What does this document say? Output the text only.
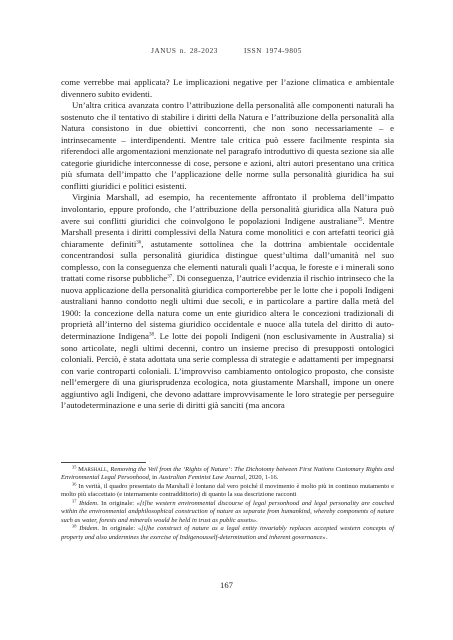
JANUS n. 28-2023	ISSN 1974-9805

come verrebbe mai applicata? Le implicazioni negative per l’azione climatica e ambientale divennero subito evidenti.

Un’altra critica avanzata contro l’attribuzione della personalità alle componenti naturali ha sostenuto che il tentativo di stabilire i diritti della Natura e l’attribuzione della personalità alla Natura consistono in due obiettivi concorrenti, che non sono necessariamente – e intrinsecamente – interdipendenti. Mentre tale critica può essere facilmente respinta sia riferendoci alle argomentazioni menzionate nel paragrafo introduttivo di questa sezione sia alle categorie giuridiche interconnesse di cose, persone e azioni, altri autori presentano una critica più sfumata dell’impatto che l’applicazione delle norme sulla personalità giuridica ha sui conflitti giuridici e politici esistenti.

Virginia Marshall, ad esempio, ha recentemente affrontato il problema dell’impatto involontario, eppure profondo, che l’attribuzione della personalità giuridica alla Natura può avere sui conflitti giuridici che coinvolgono le popolazioni Indigene australiane$^{35}$. Mentre Marshall presenta i diritti complessivi della Natura come monolitici e con artefatti teorici già chiaramente definiti$^{36}$, astutamente sottolinea che la dottrina ambientale occidentale concentrandosi sulla personalità giuridica distingue quest’ultima dall’umanità nel suo complesso, con la conseguenza che elementi naturali quali l’acqua, le foreste e i minerali sono trattati come risorse pubbliche$^{37}$. Di conseguenza, l’autrice evidenzia il rischio intrinseco che la nuova applicazione della personalità giuridica comporterebbe per le lotte che i popoli Indigeni australiani hanno condotto negli ultimi due secoli, e in particolare a partire dalla metà del 1900: la concezione della natura come un ente giuridico altera le concezioni tradizionali di proprietà all’interno del sistema giuridico occidentale e nuoce alla tutela del diritto di auto-determinazione Indigena$^{38}$. Le lotte dei popoli Indigeni (non esclusivamente in Australia) si sono articolate, negli ultimi decenni, contro un insieme preciso di presupposti ontologici coloniali. Perciò, è stata adottata una serie complessa di strategie e adattamenti per impegnarsi con varie controparti coloniali. L’improvviso cambiamento ontologico proposto, che consiste nell’emergere di una giurisprudenza ecologica, nota giustamente Marshall, impone un onere aggiuntivo agli Indigeni, che devono adattare improvvisamente le loro strategie per perseguire l’autodeterminazione e una serie di diritti già sanciti (ma ancora

$^{35}$ Marshall, Removing the Veil from the ‘Rights of Nature’: The Dichotomy between First Nations Customary Rights and Environmental Legal Personhood, in Australian Feminist Law Journal, 2020, 1-16.

$^{36}$ In verità, il quadro presentato da Marshall è lontano dal vero poiché il movimento è molto più in continuo mutamento e molto più sfaccettato (e internamente contraddittorio) di quanto la sua descrizione racconti

$^{37}$ Ibidem. In originale: «[t]he western environmental discourse of legal personhood and legal personality are couched within the environmental andphilosophical construction of nature as separate from humankind, whereby components of nature such as water, forests and minerals would be held in trust as public assets».

$^{38}$ Ibidem. In originale: «[t]he construct of nature as a legal entity invariably replaces accepted western concepts of property and also undermines the exercise of Indigenousself-determination and inherent governance».

167
